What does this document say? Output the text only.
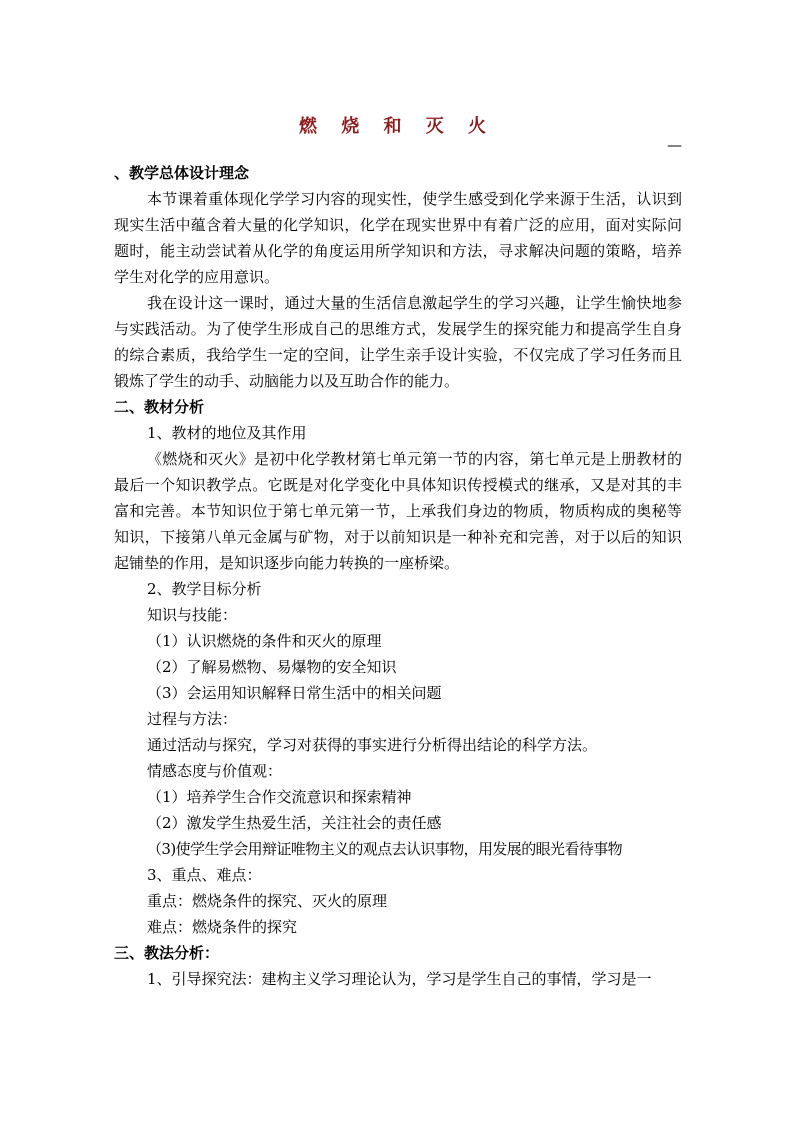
燃 烧 和 灭 火
—

、教学总体设计理念

本节课着重体现化学学习内容的现实性，使学生感受到化学来源于生活，认识到现实生活中蕴含着大量的化学知识，化学在现实世界中有着广泛的应用，面对实际问题时，能主动尝试着从化学的角度运用所学知识和方法，寻求解决问题的策略，培养学生对化学的应用意识。

我在设计这一课时，通过大量的生活信息激起学生的学习兴趣，让学生愉快地参与实践活动。为了使学生形成自己的思维方式，发展学生的探究能力和提高学生自身的综合素质，我给学生一定的空间，让学生亲手设计实验，不仅完成了学习任务而且锻炼了学生的动手、动脑能力以及互助合作的能力。

二、教材分析

1、教材的地位及其作用

《燃烧和灭火》是初中化学教材第七单元第一节的内容，第七单元是上册教材的最后一个知识教学点。它既是对化学变化中具体知识传授模式的继承，又是对其的丰富和完善。本节知识位于第七单元第一节，上承我们身边的物质，物质构成的奥秘等知识，下接第八单元金属与矿物，对于以前知识是一种补充和完善，对于以后的知识起铺垫的作用，是知识逐步向能力转换的一座桥梁。

2、教学目标分析

知识与技能：

（1）认识燃烧的条件和灭火的原理

（2）了解易燃物、易爆物的安全知识

（3）会运用知识解释日常生活中的相关问题

过程与方法：

通过活动与探究，学习对获得的事实进行分析得出结论的科学方法。

情感态度与价值观：

（1）培养学生合作交流意识和探索精神

（2）激发学生热爱生活，关注社会的责任感

（3)使学生学会用辩证唯物主义的观点去认识事物，用发展的眼光看待事物

3、重点、难点：

重点：燃烧条件的探究、灭火的原理

难点：燃烧条件的探究

三、教法分析：

1、引导探究法：建构主义学习理论认为，学习是学生自己的事情，学习是一
